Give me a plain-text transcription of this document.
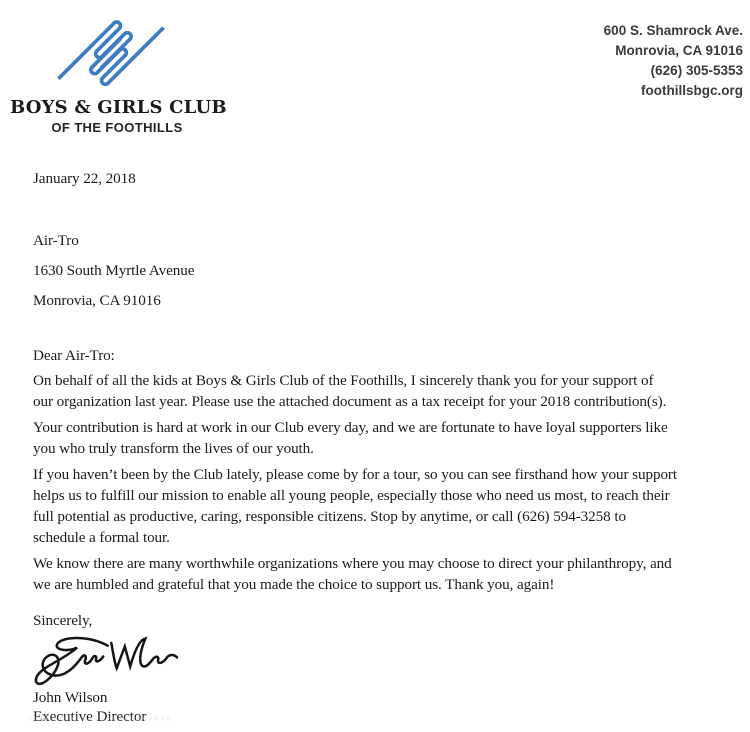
BOYS & GIRLS CLUB
OF THE FOOTHILLS
600 S. Shamrock Ave.
Monrovia, CA 91016
(626) 305-5353
foothillsbgc.org
January 22, 2018
Air-Tro
1630 South Myrtle Avenue
Monrovia, CA 91016
Dear Air-Tro:
On behalf of all the kids at Boys & Girls Club of the Foothills, I sincerely thank you for your support of
our organization last year. Please use the attached document as a tax receipt for your 2018 contribution(s).
Your contribution is hard at work in our Club every day, and we are fortunate to have loyal supporters like
you who truly transform the lives of our youth.
If you haven’t been by the Club lately, please come by for a tour, so you can see firsthand how your support
helps us to fulfill our mission to enable all young people, especially those who need us most, to reach their
full potential as productive, caring, responsible citizens. Stop by anytime, or call (626) 594-3258 to
schedule a formal tour.
We know there are many worthwhile organizations where you may choose to direct your philanthropy, and
we are humbled and grateful that you made the choice to support us. Thank you, again!
Sincerely,
John Wilson
Executive Director
